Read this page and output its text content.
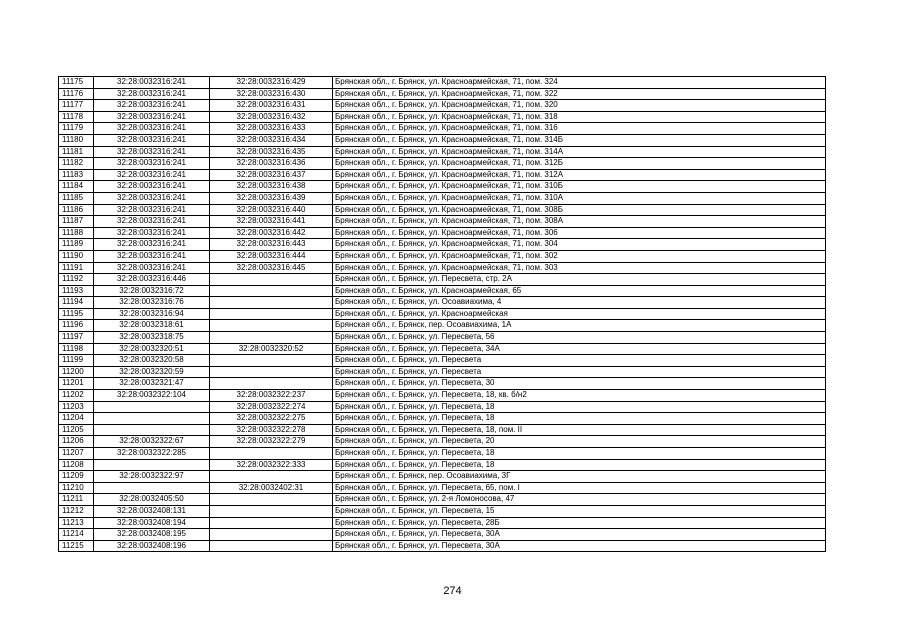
11175	32:28:0032316:241	32:28:0032316:429	Брянская обл., г. Брянск, ул. Красноармейская, 71, пом. 324
11176	32:28:0032316:241	32:28:0032316:430	Брянская обл., г. Брянск, ул. Красноармейская, 71, пом. 322
11177	32:28:0032316:241	32:28:0032316:431	Брянская обл., г. Брянск, ул. Красноармейская, 71, пом. 320
11178	32:28:0032316:241	32:28:0032316:432	Брянская обл., г. Брянск, ул. Красноармейская, 71, пом. 318
11179	32:28:0032316:241	32:28:0032316:433	Брянская обл., г. Брянск, ул. Красноармейская, 71, пом. 316
11180	32:28:0032316:241	32:28:0032316:434	Брянская обл., г. Брянск, ул. Красноармейская, 71, пом. 314Б
11181	32:28:0032316:241	32:28:0032316:435	Брянская обл., г. Брянск, ул. Красноармейская, 71, пом. 314А
11182	32:28:0032316:241	32:28:0032316:436	Брянская обл., г. Брянск, ул. Красноармейская, 71, пом. 312Б
11183	32:28:0032316:241	32:28:0032316:437	Брянская обл., г. Брянск, ул. Красноармейская, 71, пом. 312А
11184	32:28:0032316:241	32:28:0032316:438	Брянская обл., г. Брянск, ул. Красноармейская, 71, пом. 310Б
11185	32:28:0032316:241	32:28:0032316:439	Брянская обл., г. Брянск, ул. Красноармейская, 71, пом. 310А
11186	32:28:0032316:241	32:28:0032316:440	Брянская обл., г. Брянск, ул. Красноармейская, 71, пом. 308Б
11187	32:28:0032316:241	32:28:0032316:441	Брянская обл., г. Брянск, ул. Красноармейская, 71, пом. 308А
11188	32:28:0032316:241	32:28:0032316:442	Брянская обл., г. Брянск, ул. Красноармейская, 71, пом. 306
11189	32:28:0032316:241	32:28:0032316:443	Брянская обл., г. Брянск, ул. Красноармейская, 71, пом. 304
11190	32:28:0032316:241	32:28:0032316:444	Брянская обл., г. Брянск, ул. Красноармейская, 71, пом. 302
11191	32:28:0032316:241	32:28:0032316:445	Брянская обл., г. Брянск, ул. Красноармейская, 71, пом. 303
11192	32:28:0032316:446		Брянская обл., г. Брянск, ул. Пересвета, стр. 2А
11193	32:28:0032316:72		Брянская обл., г. Брянск, ул. Красноармейская, 65
11194	32:28:0032316:76		Брянская обл., г. Брянск, ул. Осоавиахима, 4
11195	32:28:0032316:94		Брянская обл., г. Брянск, ул. Красноармейская
11196	32:28:0032318:61		Брянская обл., г. Брянск, пер. Осоавиахима, 1А
11197	32:28:0032318:75		Брянская обл., г. Брянск, ул. Пересвета, 56
11198	32:28:0032320:51	32:28:0032320:52	Брянская обл., г. Брянск, ул. Пересвета, 34А
11199	32:28:0032320:58		Брянская обл., г. Брянск, ул. Пересвета
11200	32:28:0032320:59		Брянская обл., г. Брянск, ул. Пересвета
11201	32:28:0032321:47		Брянская обл., г. Брянск, ул. Пересвета, 30
11202	32:28:0032322:104	32:28:0032322:237	Брянская обл., г. Брянск, ул. Пересвета, 18, кв. б/н2
11203		32:28:0032322:274	Брянская обл., г. Брянск, ул. Пересвета, 18
11204		32:28:0032322:275	Брянская обл., г. Брянск, ул. Пересвета, 18
11205		32:28:0032322:278	Брянская обл., г. Брянск, ул. Пересвета, 18, пом. II
11206	32:28:0032322:67	32:28:0032322:279	Брянская обл., г. Брянск, ул. Пересвета, 20
11207	32:28:0032322:285		Брянская обл., г. Брянск, ул. Пересвета, 18
11208		32:28:0032322:333	Брянская обл., г. Брянск, ул. Пересвета, 18
11209	32:28:0032322:97		Брянская обл., г. Брянск, пер. Осоавиахима, 3Г
11210		32:28:0032402:31	Брянская обл., г. Брянск, ул. Пересвета, 65, пом. I
11211	32:28:0032405:50		Брянская обл., г. Брянск, ул. 2-я Ломоносова, 47
11212	32:28:0032408:131		Брянская обл., г. Брянск, ул. Пересвета, 15
11213	32:28:0032408:194		Брянская обл., г. Брянск, ул. Пересвета, 28Б
11214	32:28:0032408:195		Брянская обл., г. Брянск, ул. Пересвета, 30А
11215	32:28:0032408:196		Брянская обл., г. Брянск, ул. Пересвета, 30А
274
